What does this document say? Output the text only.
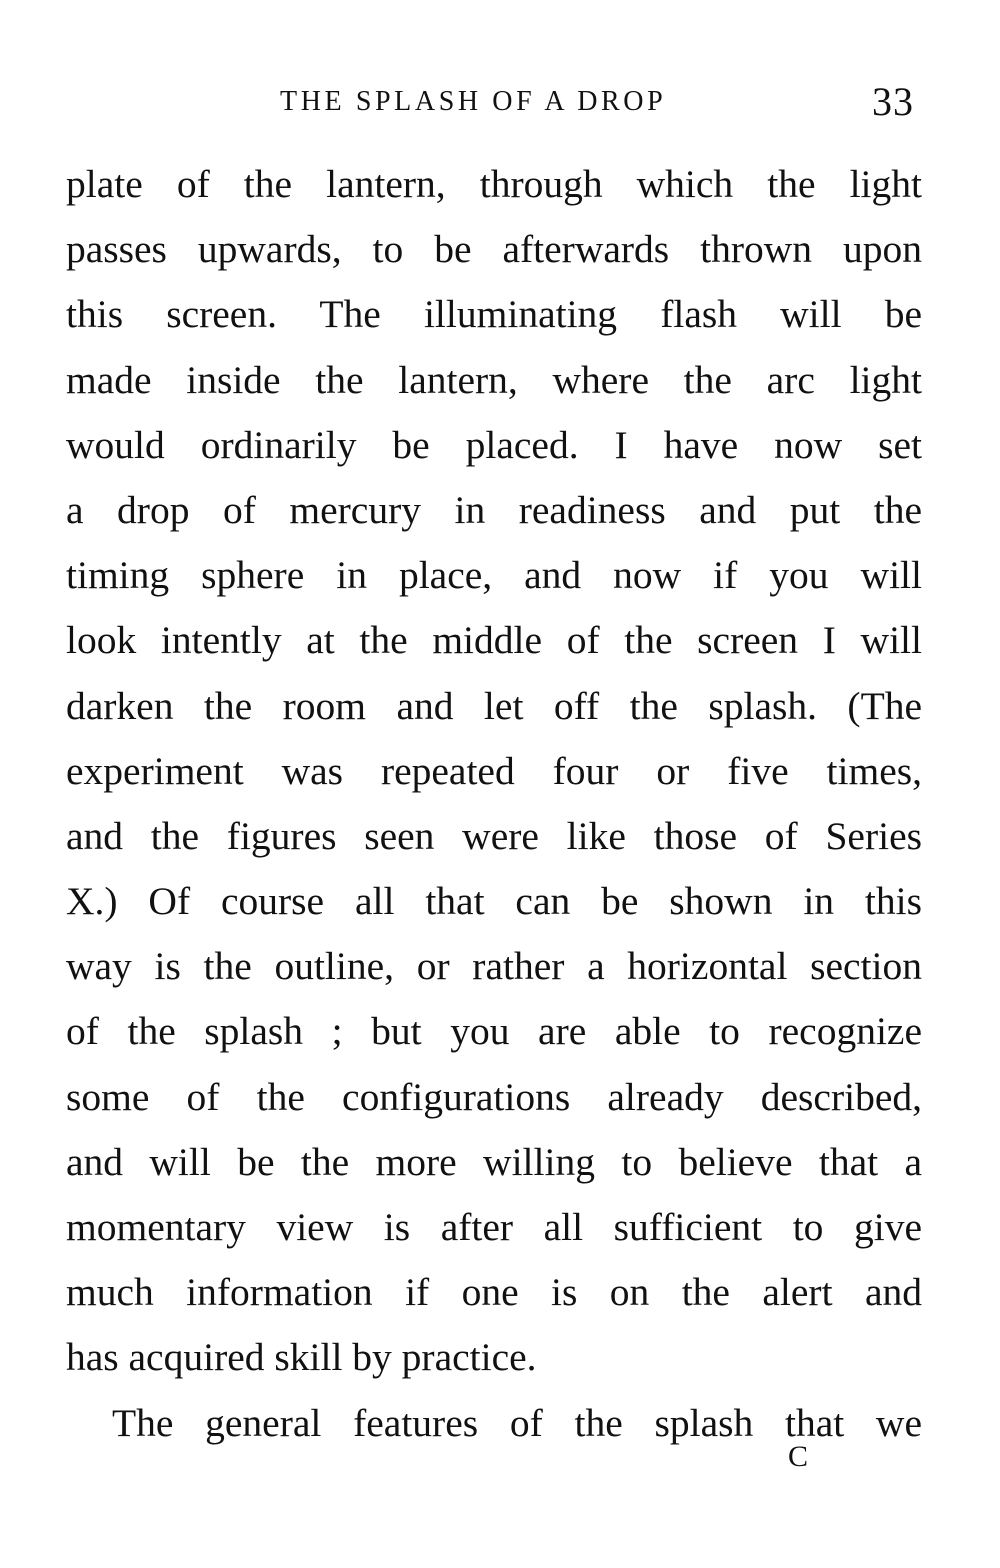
THE SPLASH OF A DROP	33
plate of the lantern, through which the light
passes upwards, to be afterwards thrown upon
this screen. The illuminating flash will be
made inside the lantern, where the arc light
would ordinarily be placed. I have now set
a drop of mercury in readiness and put the
timing sphere in place, and now if you will
look intently at the middle of the screen I will
darken the room and let off the splash. (The
experiment was repeated four or five times,
and the figures seen were like those of Series
X.) Of course all that can be shown in this
way is the outline, or rather a horizontal section
of the splash ; but you are able to recognize
some of the configurations already described,
and will be the more willing to believe that a
momentary view is after all sufficient to give
much information if one is on the alert and
has acquired skill by practice.
The general features of the splash that we
C
